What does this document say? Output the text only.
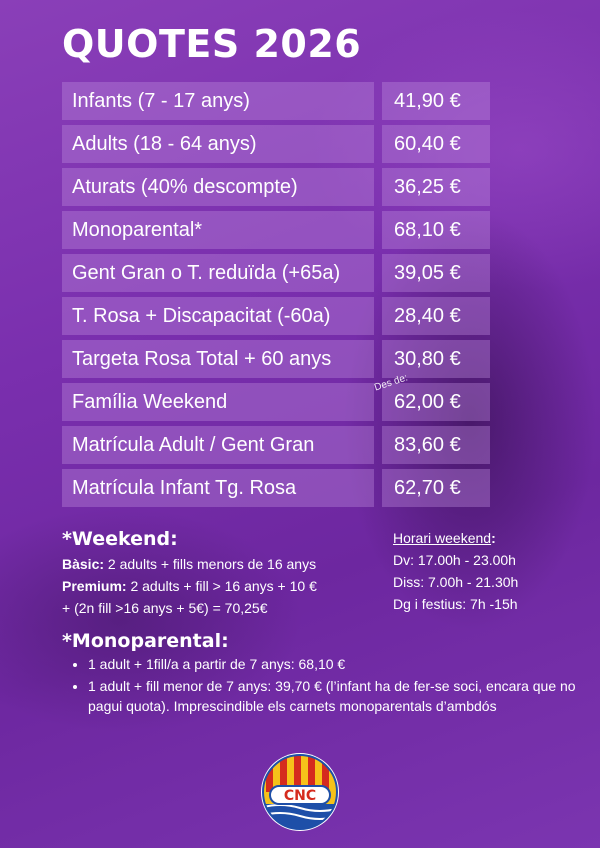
QUOTES 2026
Infants (7 - 17 anys)	41,90 €
Adults (18 - 64 anys)	60,40 €
Aturats (40% descompte)	36,25 €
Monoparental*	68,10 €
Gent Gran o T. reduïda (+65a)	39,05 €
T. Rosa + Discapacitat (-60a)	28,40 €
Targeta Rosa Total + 60 anys	30,80 €
Família Weekend	62,00 €
Matrícula Adult / Gent Gran	83,60 €
Matrícula Infant Tg. Rosa	62,70 €
Des de:
*Weekend:
Bàsic: 2 adults + fills menors de 16 anys
Premium: 2 adults + fill > 16 anys + 10 €
+ (2n fill >16 anys + 5€) = 70,25€
Horari weekend:
Dv: 17.00h - 23.00h
Diss: 7.00h - 21.30h
Dg i festius: 7h -15h
*Monoparental:
• 1 adult + 1fill/a a partir de 7 anys: 68,10 €
• 1 adult + fill menor de 7 anys: 39,70 € (l’infant ha de fer-se soci, encara que no pagui quota). Imprescindible els carnets monoparentals d’ambdós
CNC
